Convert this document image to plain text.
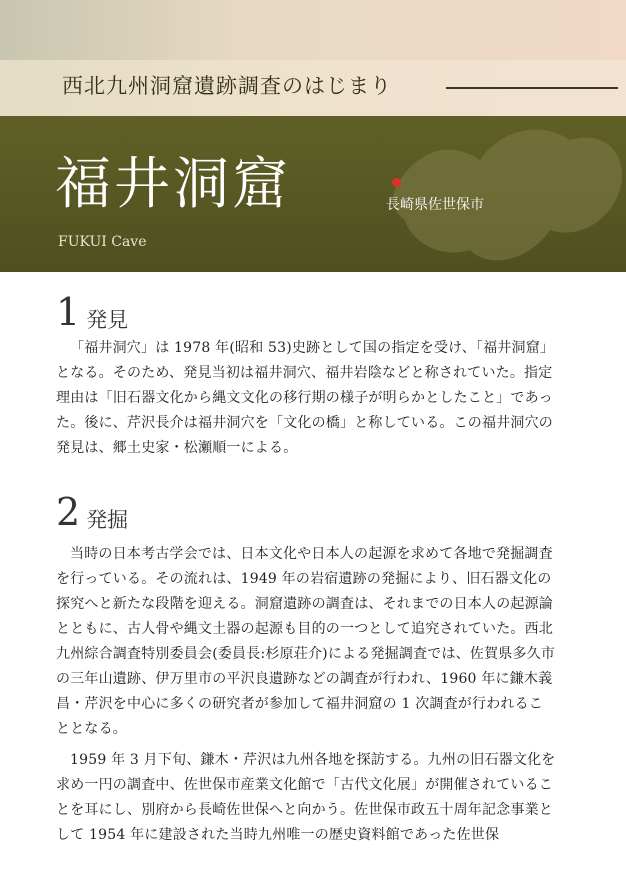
西北九州洞窟遺跡調査のはじまり
福井洞窟	長崎県佐世保市
FUKUI Cave
1 発見

「福井洞穴」は 1978 年(昭和 53)史跡として国の指定を受け、「福井洞窟」となる。そのため、発見当初は福井洞穴、福井岩陰などと称されていた。指定理由は「旧石器文化から縄文文化の移行期の様子が明らかとしたこと」であった。後に、芹沢長介は福井洞穴を「文化の橋」と称している。この福井洞穴の発見は、郷土史家・松瀬順一による。

2 発掘

当時の日本考古学会では、日本文化や日本人の起源を求めて各地で発掘調査を行っている。その流れは、1949 年の岩宿遺跡の発掘により、旧石器文化の探究へと新たな段階を迎える。洞窟遺跡の調査は、それまでの日本人の起源論とともに、古人骨や縄文土器の起源も目的の一つとして追究されていた。西北九州綜合調査特別委員会(委員長:杉原荘介)による発掘調査では、佐賀県多久市の三年山遺跡、伊万里市の平沢良遺跡などの調査が行われ、1960 年に鎌木義昌・芹沢を中心に多くの研究者が参加して福井洞窟の 1 次調査が行われることとなる。

1959 年 3 月下旬、鎌木・芹沢は九州各地を探訪する。九州の旧石器文化を求め一円の調査中、佐世保市産業文化館で「古代文化展」が開催されていることを耳にし、別府から長崎佐世保へと向かう。佐世保市政五十周年記念事業として 1954 年に建設された当時九州唯一の歴史資料館であった佐世保
